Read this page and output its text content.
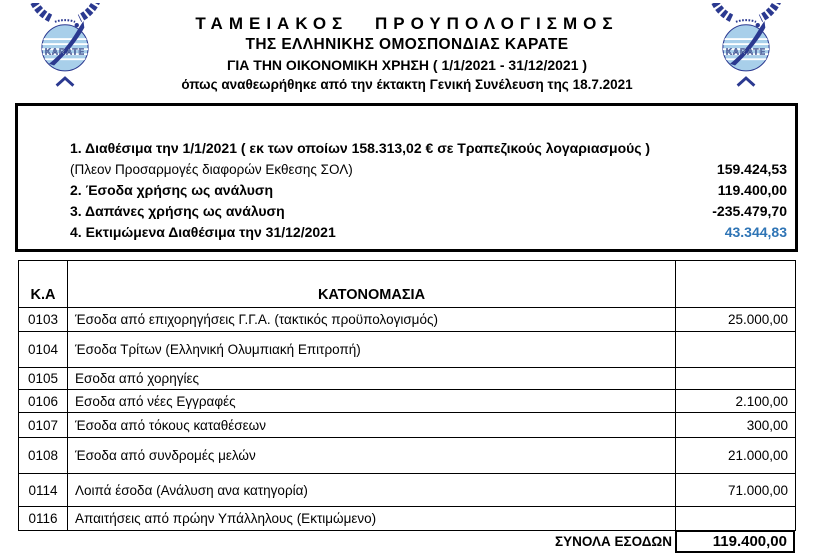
KARATE	KARATE
ΤΑΜΕΙΑΚΟΣ ΠΡΟΥΠΟΛΟΓΙΣΜΟΣ
ΤΗΣ ΕΛΛΗΝΙΚΗΣ ΟΜΟΣΠΟΝΔΙΑΣ ΚΑΡΑΤΕ
ΓΙΑ ΤΗΝ ΟΙΚΟΝΟΜΙΚΗ ΧΡΗΣΗ ( 1/1/2021 - 31/12/2021 )
όπως αναθεωρήθηκε από την έκτακτη Γενική Συνέλευση της 18.7.2021
1. Διαθέσιμα την 1/1/2021 ( εκ των οποίων 158.313,02 € σε Τραπεζικούς λογαριασμούς )
(Πλεον Προσαρμογές διαφορών Εκθεσης ΣΟΛ)	159.424,53
2. Έσοδα χρήσης ως ανάλυση	119.400,00
3. Δαπάνες χρήσης ως ανάλυση	-235.479,70
4. Εκτιμώμενα Διαθέσιμα την 31/12/2021	43.344,83
Κ.Α	ΚΑΤΟΝΟΜΑΣΙΑ	
0103	Έσοδα από επιχορηγήσεις Γ.Γ.Α. (τακτικός προϋπολογισμός)	25.000,00
0104	Έσοδα Τρίτων (Ελληνική Ολυμπιακή Επιτροπή)	
0105	Εσοδα από χορηγίες	
0106	Εσοδα από νέες Εγγραφές	2.100,00
0107	Έσοδα από τόκους καταθέσεων	300,00
0108	Έσοδα από συνδρομές μελών	21.000,00
0114	Λοιπά έσοδα (Ανάλυση ανα κατηγορία)	71.000,00
0116	Απαιτήσεις από πρώην Υπάλληλους (Εκτιμώμενο)	
ΣΥΝΟΛΑ ΕΣΟΔΩΝ	119.400,00
